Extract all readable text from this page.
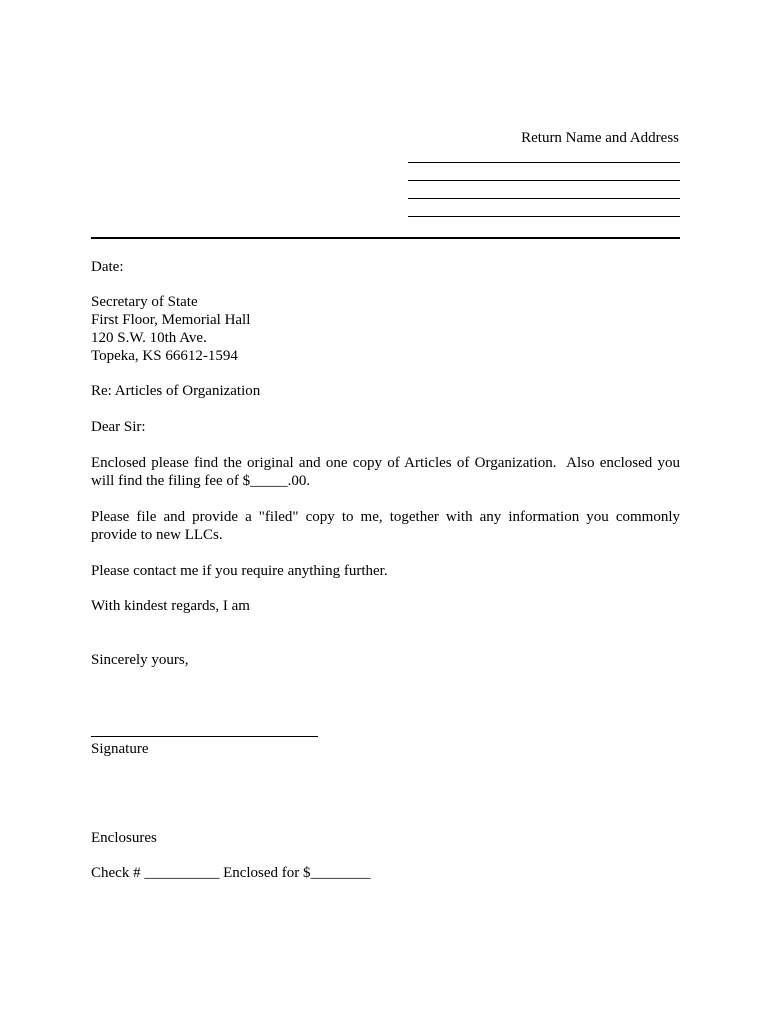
Return Name and Address
Date:
Secretary of State
First Floor, Memorial Hall
120 S.W. 10th Ave.
Topeka, KS 66612-1594
Re: Articles of Organization
Dear Sir:
Enclosed please find the original and one copy of Articles of Organization.  Also enclosed you
will find the filing fee of $_____.00.
Please file and provide a "filed" copy to me, together with any information you commonly
provide to new LLCs.
Please contact me if you require anything further.
With kindest regards, I am
Sincerely yours,
Signature
Enclosures
Check # __________ Enclosed for $________
